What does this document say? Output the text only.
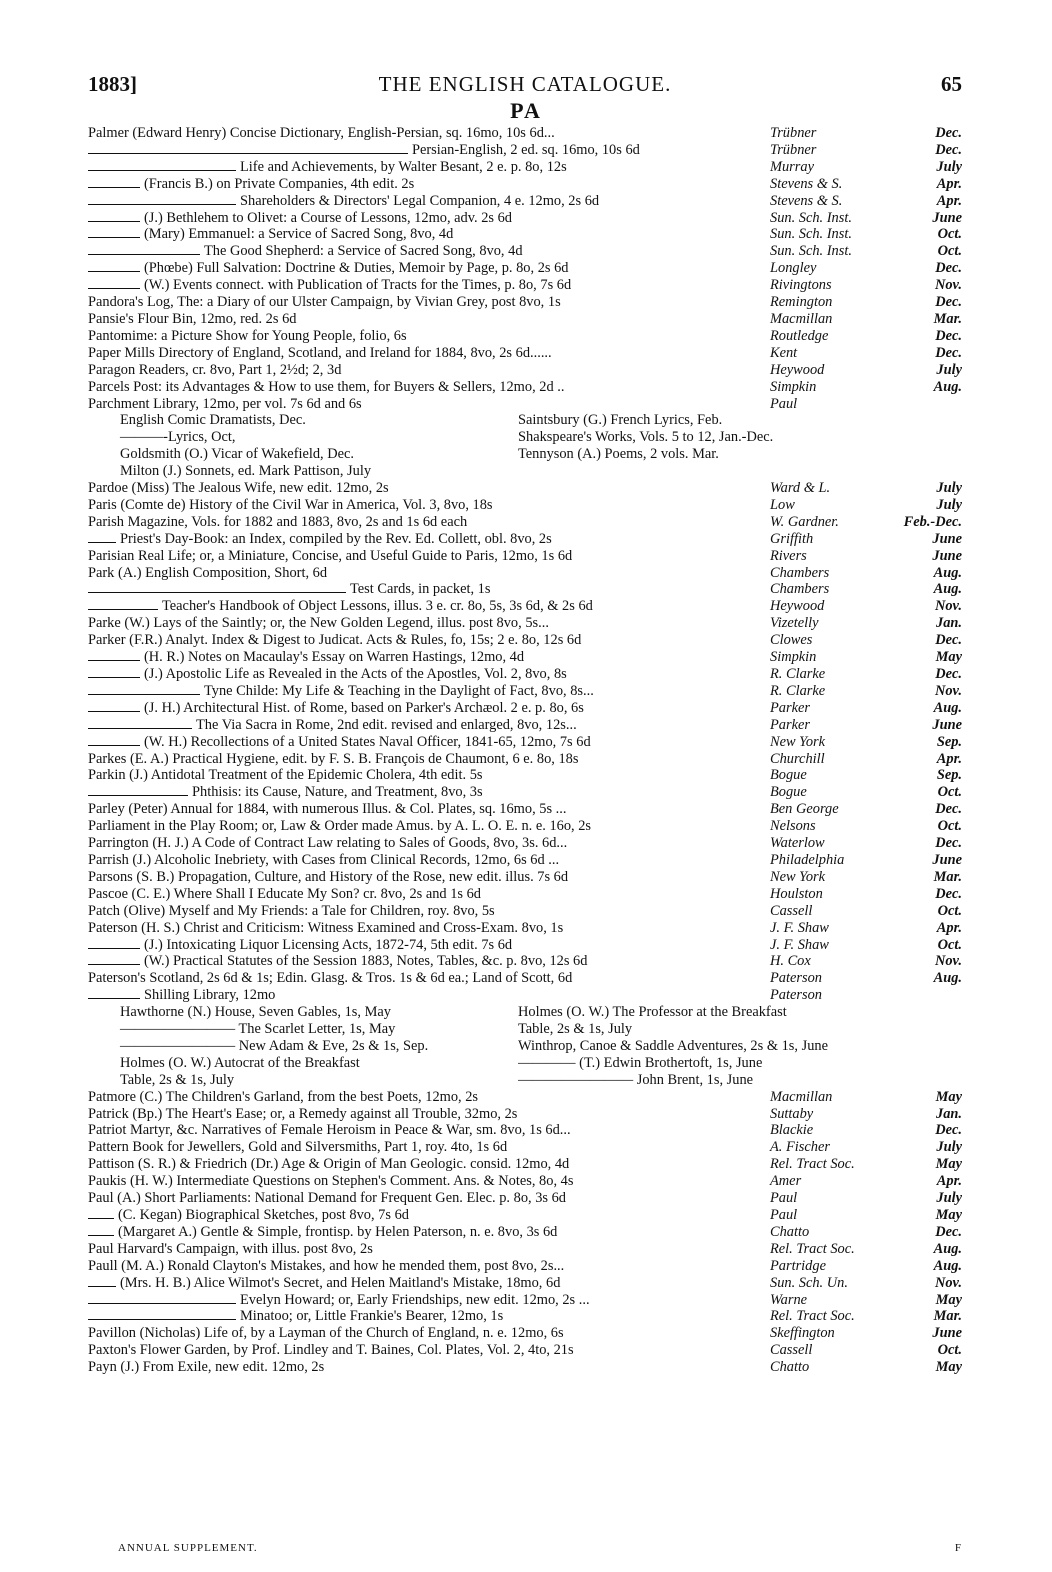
1883]	THE ENGLISH CATALOGUE.	65
PA
Palmer (Edward Henry) Concise Dictionary, English-Persian, sq. 16mo, 10s 6d...	Trübner	Dec.
Persian-English, 2 ed. sq. 16mo, 10s 6d	Trübner	Dec.
Life and Achievements, by Walter Besant, 2 e. p. 8o, 12s	Murray	July
(Francis B.) on Private Companies, 4th edit. 2s	Stevens & S.	Apr.
Shareholders & Directors' Legal Companion, 4 e. 12mo, 2s 6d	Stevens & S.	Apr.
(J.) Bethlehem to Olivet: a Course of Lessons, 12mo, adv. 2s 6d	Sun. Sch. Inst.	June
(Mary) Emmanuel: a Service of Sacred Song, 8vo, 4d	Sun. Sch. Inst.	Oct.
The Good Shepherd: a Service of Sacred Song, 8vo, 4d	Sun. Sch. Inst.	Oct.
(Phœbe) Full Salvation: Doctrine & Duties, Memoir by Page, p. 8o, 2s 6d	Longley	Dec.
(W.) Events connect. with Publication of Tracts for the Times, p. 8o, 7s 6d	Rivingtons	Nov.
Pandora's Log, The: a Diary of our Ulster Campaign, by Vivian Grey, post 8vo, 1s	Remington	Dec.
Pansie's Flour Bin, 12mo, red. 2s 6d	Macmillan	Mar.
Pantomime: a Picture Show for Young People, folio, 6s	Routledge	Dec.
Paper Mills Directory of England, Scotland, and Ireland for 1884, 8vo, 2s 6d......	Kent	Dec.
Paragon Readers, cr. 8vo, Part 1, 2½d; 2, 3d	Heywood	July
Parcels Post: its Advantages & How to use them, for Buyers & Sellers, 12mo, 2d ..	Simpkin	Aug.
Parchment Library, 12mo, per vol. 7s 6d and 6s	Paul
English Comic Dramatists, Dec.	Saintsbury (G.) French Lyrics, Feb.
———-Lyrics, Oct,	Shakspeare's Works, Vols. 5 to 12, Jan.-Dec.
Goldsmith (O.) Vicar of Wakefield, Dec.	Tennyson (A.) Poems, 2 vols. Mar.
Milton (J.) Sonnets, ed. Mark Pattison, July
Pardoe (Miss) The Jealous Wife, new edit. 12mo, 2s	Ward & L.	July
Paris (Comte de) History of the Civil War in America, Vol. 3, 8vo, 18s	Low	July
Parish Magazine, Vols. for 1882 and 1883, 8vo, 2s and 1s 6d each	W. Gardner.	Feb.-Dec.
Priest's Day-Book: an Index, compiled by the Rev. Ed. Collett, obl. 8vo, 2s	Griffith	June
Parisian Real Life; or, a Miniature, Concise, and Useful Guide to Paris, 12mo, 1s 6d	Rivers	June
Park (A.) English Composition, Short, 6d	Chambers	Aug.
Test Cards, in packet, 1s	Chambers	Aug.
Teacher's Handbook of Object Lessons, illus. 3 e. cr. 8o, 5s, 3s 6d, & 2s 6d	Heywood	Nov.
Parke (W.) Lays of the Saintly; or, the New Golden Legend, illus. post 8vo, 5s...	Vizetelly	Jan.
Parker (F.R.) Analyt. Index & Digest to Judicat. Acts & Rules, fo, 15s; 2 e. 8o, 12s 6d	Clowes	Dec.
(H. R.) Notes on Macaulay's Essay on Warren Hastings, 12mo, 4d	Simpkin	May
(J.) Apostolic Life as Revealed in the Acts of the Apostles, Vol. 2, 8vo, 8s	R. Clarke	Dec.
Tyne Childe: My Life & Teaching in the Daylight of Fact, 8vo, 8s...	R. Clarke	Nov.
(J. H.) Architectural Hist. of Rome, based on Parker's Archæol. 2 e. p. 8o, 6s	Parker	Aug.
The Via Sacra in Rome, 2nd edit. revised and enlarged, 8vo, 12s...	Parker	June
(W. H.) Recollections of a United States Naval Officer, 1841-65, 12mo, 7s 6d	New York	Sep.
Parkes (E. A.) Practical Hygiene, edit. by F. S. B. François de Chaumont, 6 e. 8o, 18s	Churchill	Apr.
Parkin (J.) Antidotal Treatment of the Epidemic Cholera, 4th edit. 5s	Bogue	Sep.
Phthisis: its Cause, Nature, and Treatment, 8vo, 3s	Bogue	Oct.
Parley (Peter) Annual for 1884, with numerous Illus. & Col. Plates, sq. 16mo, 5s ...	Ben George	Dec.
Parliament in the Play Room; or, Law & Order made Amus. by A. L. O. E. n. e. 16o, 2s	Nelsons	Oct.
Parrington (H. J.) A Code of Contract Law relating to Sales of Goods, 8vo, 3s. 6d...	Waterlow	Dec.
Parrish (J.) Alcoholic Inebriety, with Cases from Clinical Records, 12mo, 6s 6d ...	Philadelphia	June
Parsons (S. B.) Propagation, Culture, and History of the Rose, new edit. illus. 7s 6d	New York	Mar.
Pascoe (C. E.) Where Shall I Educate My Son? cr. 8vo, 2s and 1s 6d	Houlston	Dec.
Patch (Olive) Myself and My Friends: a Tale for Children, roy. 8vo, 5s	Cassell	Oct.
Paterson (H. S.) Christ and Criticism: Witness Examined and Cross-Exam. 8vo, 1s	J. F. Shaw	Apr.
(J.) Intoxicating Liquor Licensing Acts, 1872-74, 5th edit. 7s 6d	J. F. Shaw	Oct.
(W.) Practical Statutes of the Session 1883, Notes, Tables, &c. p. 8vo, 12s 6d	H. Cox	Nov.
Paterson's Scotland, 2s 6d & 1s; Edin. Glasg. & Tros. 1s & 6d ea.; Land of Scott, 6d	Paterson	Aug.
Shilling Library, 12mo	Paterson
Hawthorne (N.) House, Seven Gables, 1s, May	Holmes (O. W.) The Professor at the Breakfast
———————— The Scarlet Letter, 1s, May	Table, 2s & 1s, July
———————— New Adam & Eve, 2s & 1s, Sep.	Winthrop, Canoe & Saddle Adventures, 2s & 1s, June
Holmes (O. W.) Autocrat of the Breakfast	———— (T.) Edwin Brothertoft, 1s, June
Table, 2s & 1s, July	———————— John Brent, 1s, June
Patmore (C.) The Children's Garland, from the best Poets, 12mo, 2s	Macmillan	May
Patrick (Bp.) The Heart's Ease; or, a Remedy against all Trouble, 32mo, 2s	Suttaby	Jan.
Patriot Martyr, &c. Narratives of Female Heroism in Peace & War, sm. 8vo, 1s 6d...	Blackie	Dec.
Pattern Book for Jewellers, Gold and Silversmiths, Part 1, roy. 4to, 1s 6d	A. Fischer	July
Pattison (S. R.) & Friedrich (Dr.) Age & Origin of Man Geologic. consid. 12mo, 4d	Rel. Tract Soc.	May
Paukis (H. W.) Intermediate Questions on Stephen's Comment. Ans. & Notes, 8o, 4s	Amer	Apr.
Paul (A.) Short Parliaments: National Demand for Frequent Gen. Elec. p. 8o, 3s 6d	Paul	July
(C. Kegan) Biographical Sketches, post 8vo, 7s 6d	Paul	May
(Margaret A.) Gentle & Simple, frontisp. by Helen Paterson, n. e. 8vo, 3s 6d	Chatto	Dec.
Paul Harvard's Campaign, with illus. post 8vo, 2s	Rel. Tract Soc.	Aug.
Paull (M. A.) Ronald Clayton's Mistakes, and how he mended them, post 8vo, 2s...	Partridge	Aug.
(Mrs. H. B.) Alice Wilmot's Secret, and Helen Maitland's Mistake, 18mo, 6d	Sun. Sch. Un.	Nov.
Evelyn Howard; or, Early Friendships, new edit. 12mo, 2s ...	Warne	May
Minatoo; or, Little Frankie's Bearer, 12mo, 1s	Rel. Tract Soc.	Mar.
Pavillon (Nicholas) Life of, by a Layman of the Church of England, n. e. 12mo, 6s	Skeffington	June
Paxton's Flower Garden, by Prof. Lindley and T. Baines, Col. Plates, Vol. 2, 4to, 21s	Cassell	Oct.
Payn (J.) From Exile, new edit. 12mo, 2s	Chatto	May
ANNUAL SUPPLEMENT.	F
